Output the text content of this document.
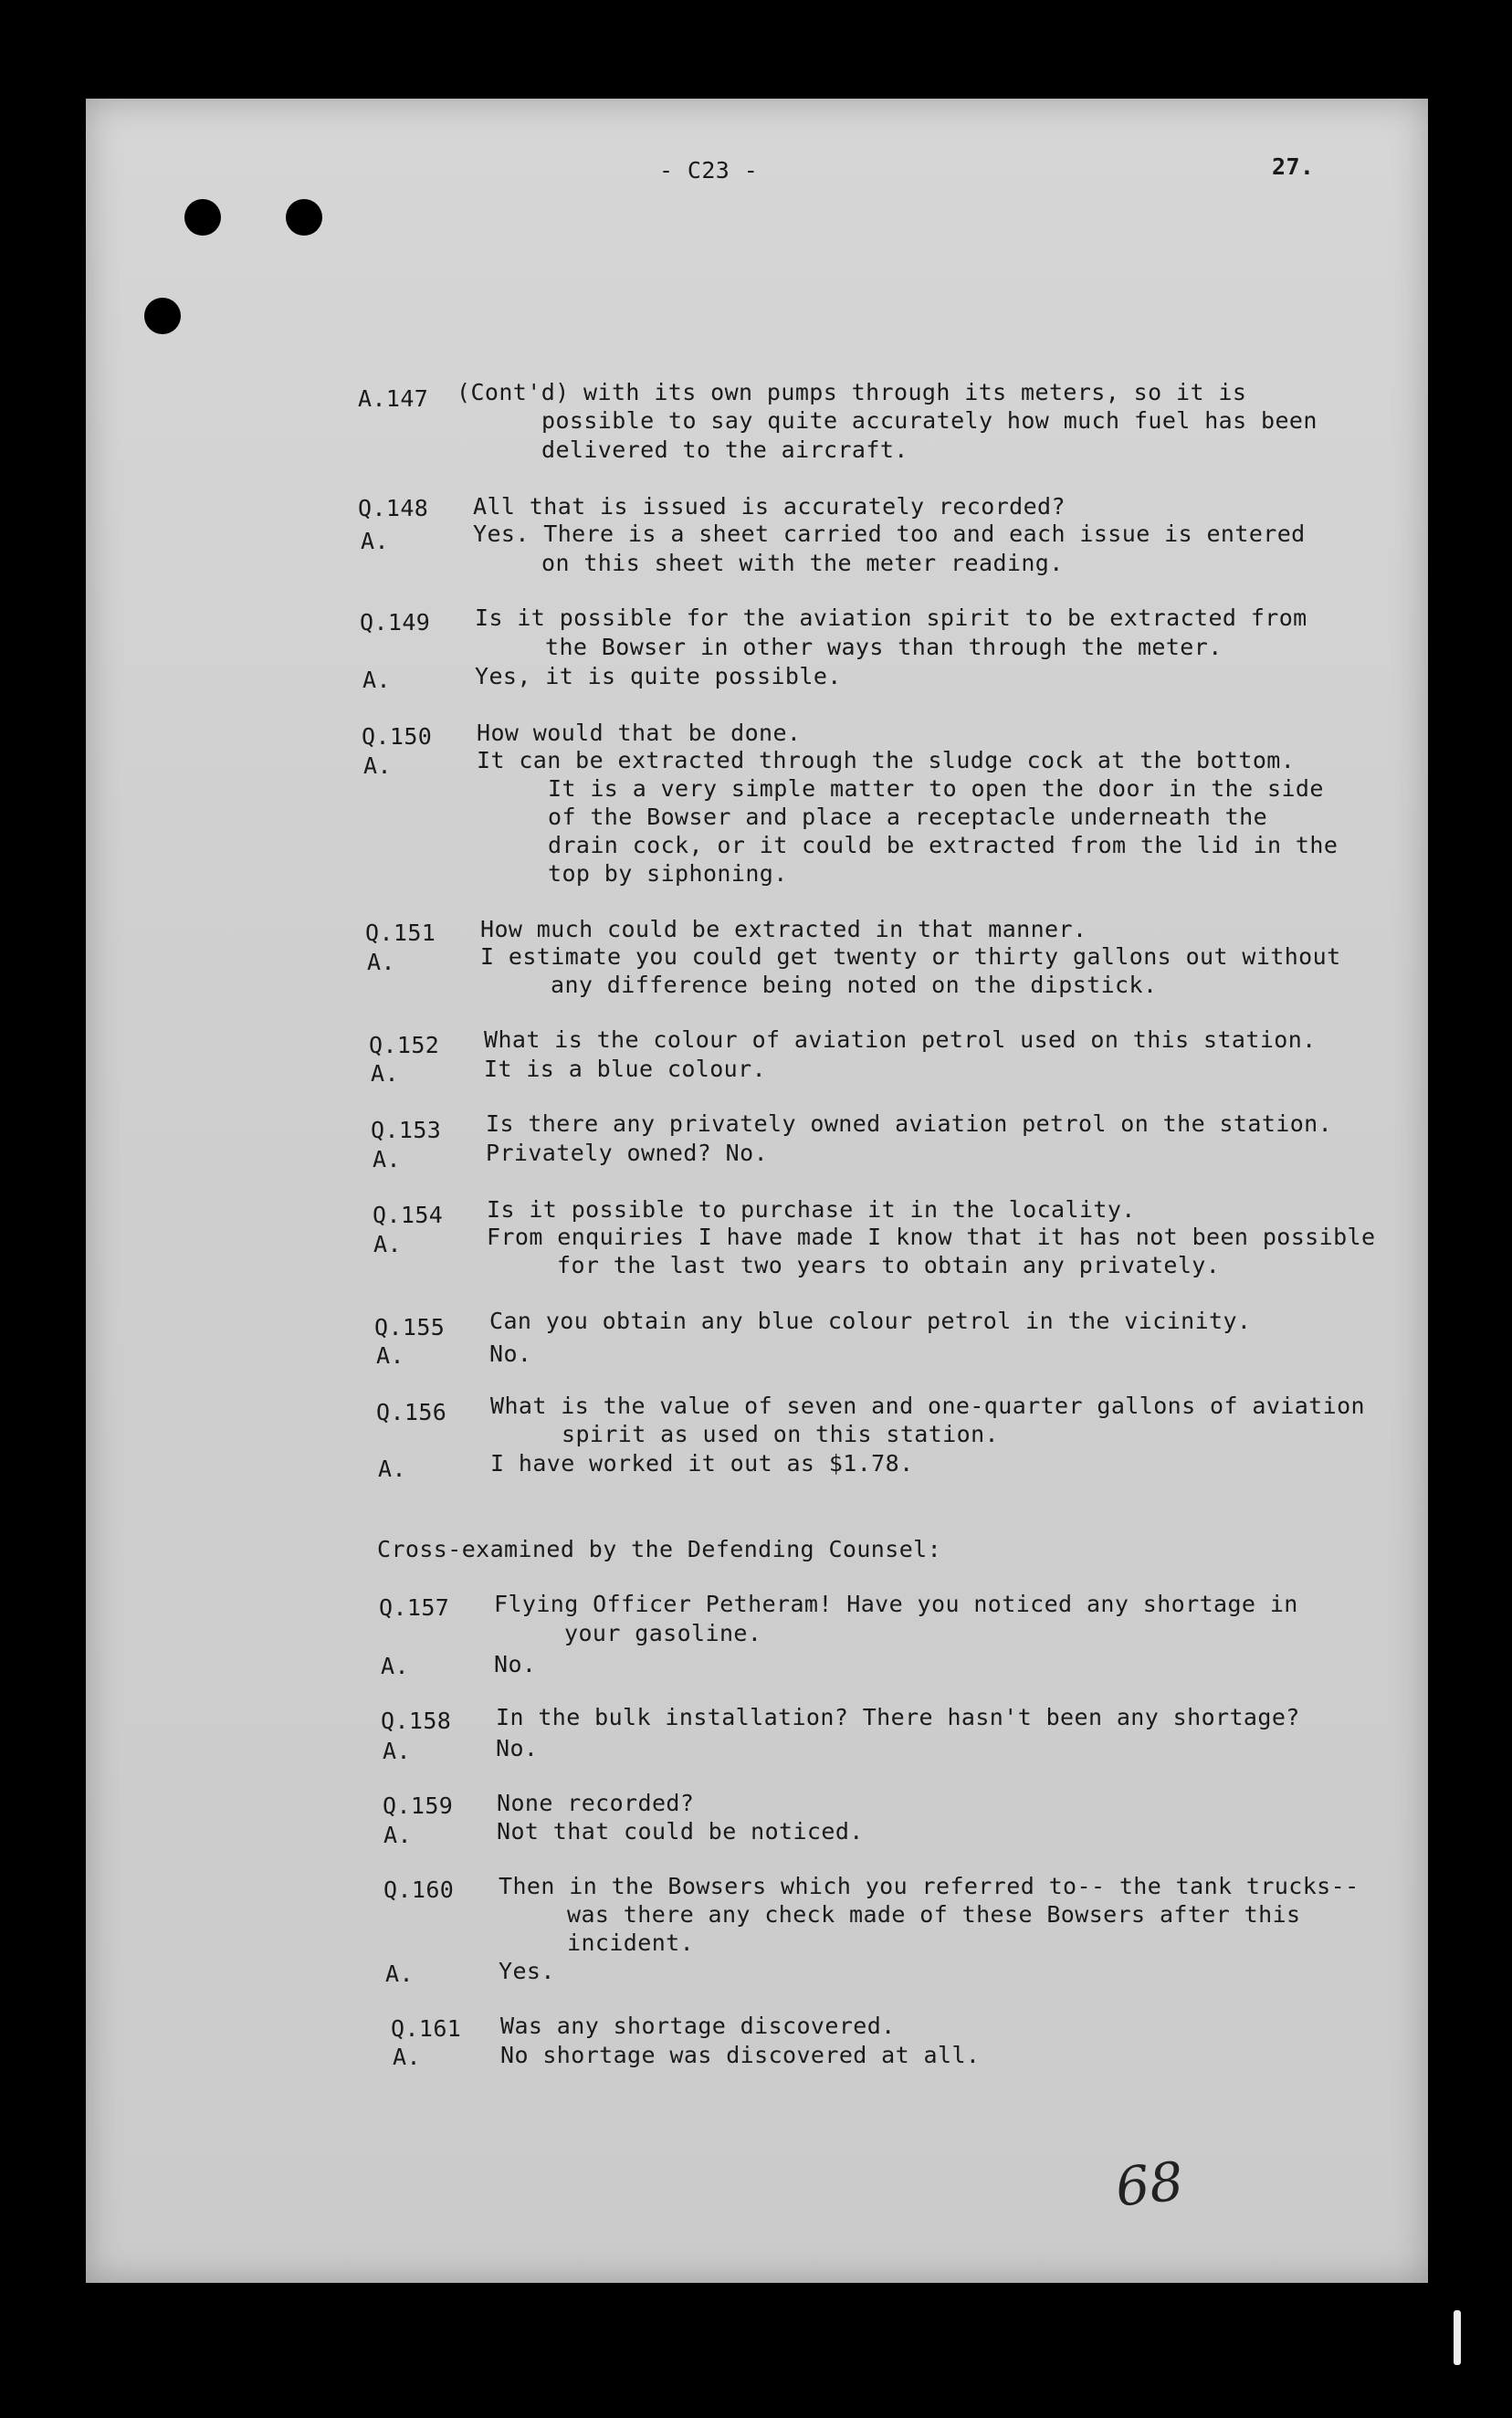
- C23 -	27.
A.147 (Cont'd) with its own pumps through its meters, so it is
possible to say quite accurately how much fuel has been
delivered to the aircraft.
Q.148 All that is issued is accurately recorded?
A.	Yes. There is a sheet carried too and each issue is entered
on this sheet with the meter reading.
Q.149 Is it possible for the aviation spirit to be extracted from
the Bowser in other ways than through the meter.
A.	Yes, it is quite possible.
Q.150 How would that be done.
A.	It can be extracted through the sludge cock at the bottom.
It is a very simple matter to open the door in the side
of the Bowser and place a receptacle underneath the
drain cock, or it could be extracted from the lid in the
top by siphoning.
Q.151 How much could be extracted in that manner.
A.	I estimate you could get twenty or thirty gallons out without
any difference being noted on the dipstick.
Q.152 What is the colour of aviation petrol used on this station.
A.	It is a blue colour.
Q.153 Is there any privately owned aviation petrol on the station.
A.	Privately owned? No.
Q.154 Is it possible to purchase it in the locality.
A.	From enquiries I have made I know that it has not been possible
for the last two years to obtain any privately.
Q.155 Can you obtain any blue colour petrol in the vicinity.
A.	No.
Q.156 What is the value of seven and one-quarter gallons of aviation
spirit as used on this station.
A.	I have worked it out as $1.78.
Cross-examined by the Defending Counsel:
Q.157 Flying Officer Petheram! Have you noticed any shortage in
your gasoline.
A.	No.
Q.158 In the bulk installation? There hasn't been any shortage?
A.	No.
Q.159 None recorded?
A.	Not that could be noticed.
Q.160 Then in the Bowsers which you referred to-- the tank trucks--
was there any check made of these Bowsers after this
incident.
A.	Yes.
Q.161 Was any shortage discovered.
A.	No shortage was discovered at all.
68
